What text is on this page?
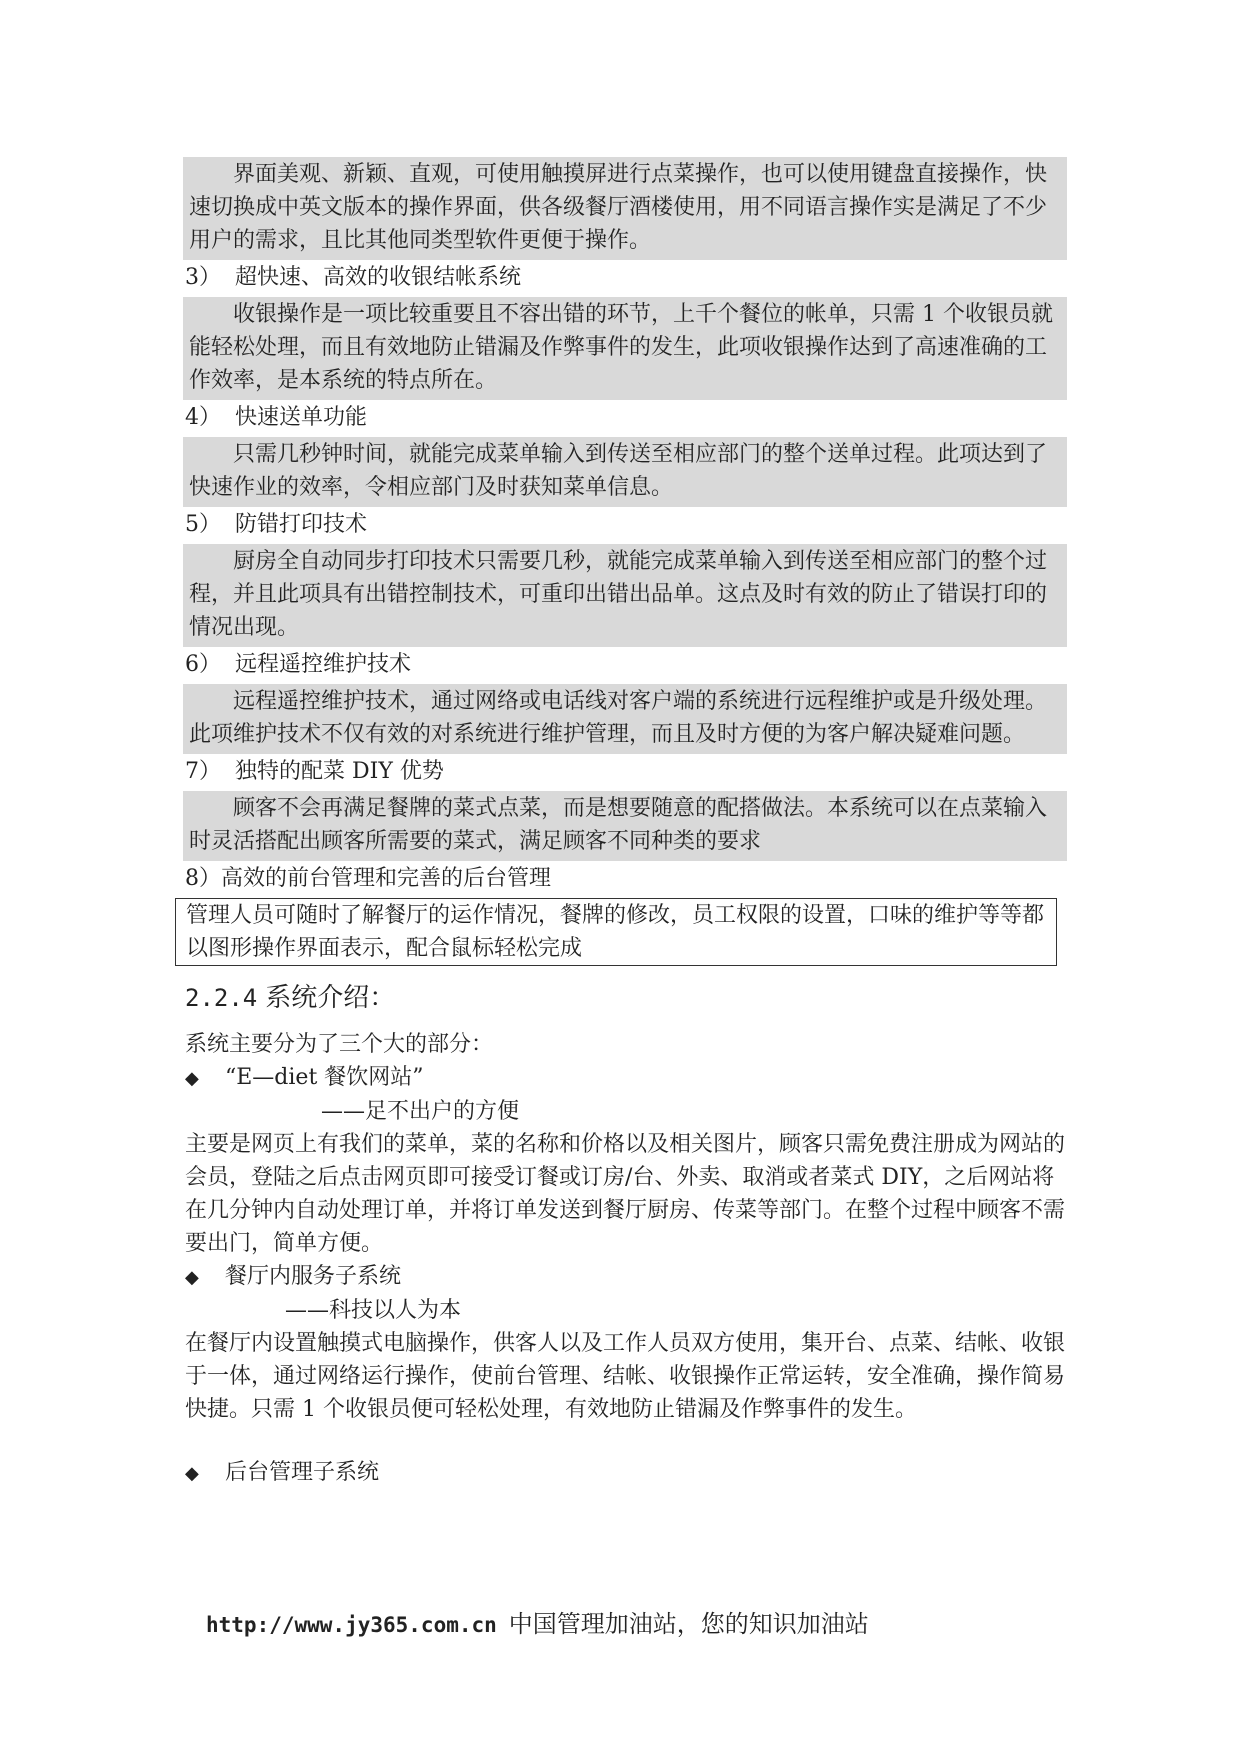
界面美观、新颖、直观，可使用触摸屏进行点菜操作，也可以使用键盘直接操作，快速切换成中英文版本的操作界面，供各级餐厅酒楼使用，用不同语言操作实是满足了不少用户的需求，且比其他同类型软件更便于操作。
3） 超快速、高效的收银结帐系统
收银操作是一项比较重要且不容出错的环节，上千个餐位的帐单，只需 1 个收银员就能轻松处理，而且有效地防止错漏及作弊事件的发生，此项收银操作达到了高速准确的工作效率，是本系统的特点所在。
4） 快速送单功能
只需几秒钟时间，就能完成菜单输入到传送至相应部门的整个送单过程。此项达到了快速作业的效率，令相应部门及时获知菜单信息。
5） 防错打印技术
厨房全自动同步打印技术只需要几秒，就能完成菜单输入到传送至相应部门的整个过程，并且此项具有出错控制技术，可重印出错出品单。这点及时有效的防止了错误打印的情况出现。
6） 远程遥控维护技术
远程遥控维护技术，通过网络或电话线对客户端的系统进行远程维护或是升级处理。此项维护技术不仅有效的对系统进行维护管理，而且及时方便的为客户解决疑难问题。
7） 独特的配菜 DIY 优势
顾客不会再满足餐牌的菜式点菜，而是想要随意的配搭做法。本系统可以在点菜输入时灵活搭配出顾客所需要的菜式，满足顾客不同种类的要求
8）高效的前台管理和完善的后台管理
管理人员可随时了解餐厅的运作情况，餐牌的修改，员工权限的设置，口味的维护等等都以图形操作界面表示，配合鼠标轻松完成
2.2.4 系统介绍：
系统主要分为了三个大的部分：
◆ “E—diet 餐饮网站”
——足不出户的方便
主要是网页上有我们的菜单，菜的名称和价格以及相关图片，顾客只需免费注册成为网站的会员，登陆之后点击网页即可接受订餐或订房/台、外卖、取消或者菜式 DIY，之后网站将在几分钟内自动处理订单，并将订单发送到餐厅厨房、传菜等部门。在整个过程中顾客不需要出门，简单方便。
◆ 餐厅内服务子系统
——科技以人为本
在餐厅内设置触摸式电脑操作，供客人以及工作人员双方使用，集开台、点菜、结帐、收银于一体，通过网络运行操作，使前台管理、结帐、收银操作正常运转，安全准确，操作简易快捷。只需 1 个收银员便可轻松处理，有效地防止错漏及作弊事件的发生。
◆ 后台管理子系统
http://www.jy365.com.cn 中国管理加油站，您的知识加油站
